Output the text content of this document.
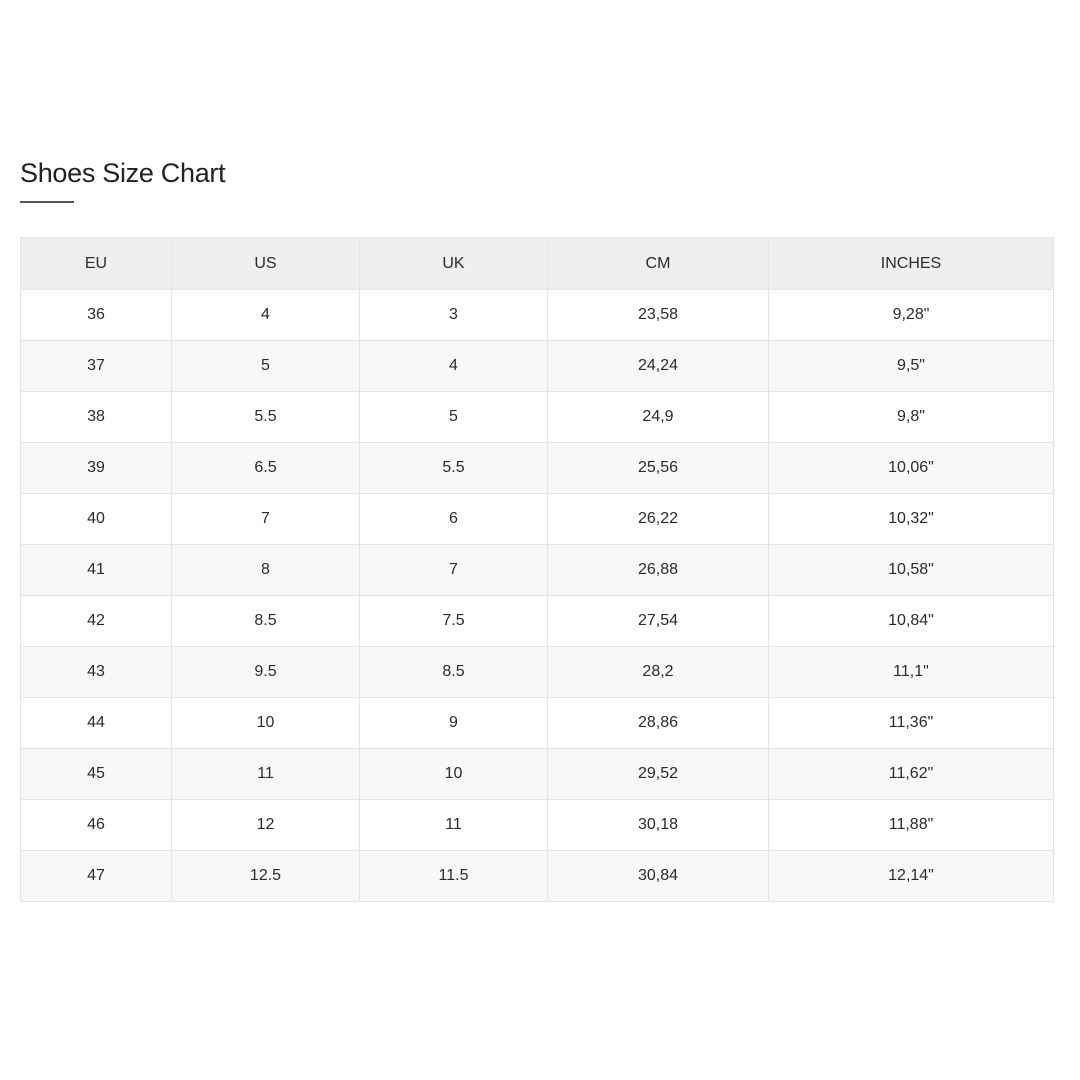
Shoes Size Chart
EU	US	UK	CM	INCHES
36	4	3	23,58	9,28"
37	5	4	24,24	9,5"
38	5.5	5	24,9	9,8"
39	6.5	5.5	25,56	10,06"
40	7	6	26,22	10,32"
41	8	7	26,88	10,58"
42	8.5	7.5	27,54	10,84"
43	9.5	8.5	28,2	11,1"
44	10	9	28,86	11,36"
45	11	10	29,52	11,62"
46	12	11	30,18	11,88"
47	12.5	11.5	30,84	12,14"
